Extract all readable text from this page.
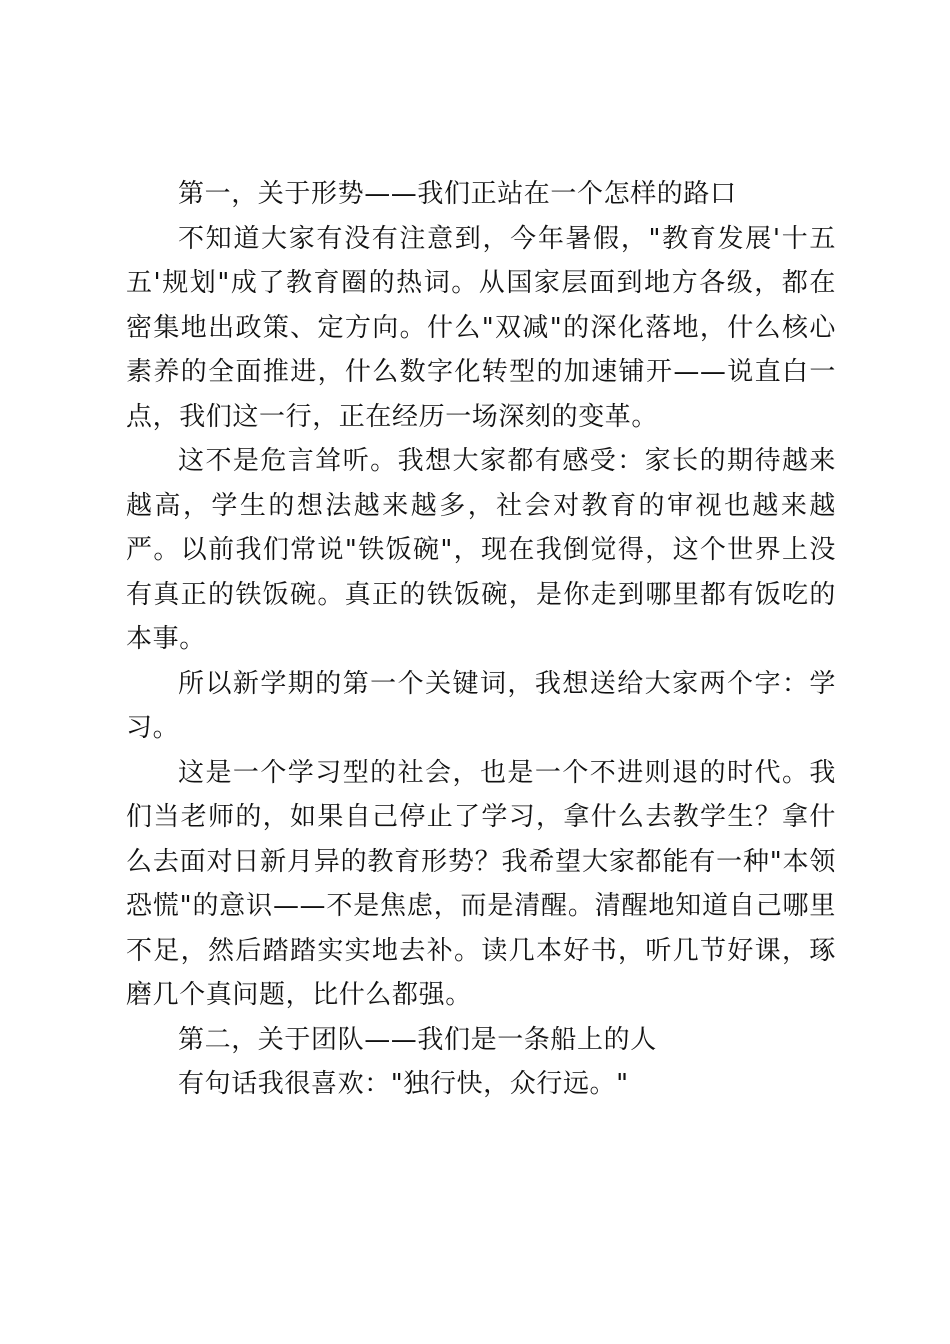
第一，关于形势——我们正站在一个怎样的路口

不知道大家有没有注意到，今年暑假，"教育发展'十五五'规划"成了教育圈的热词。从国家层面到地方各级，都在密集地出政策、定方向。什么"双减"的深化落地，什么核心素养的全面推进，什么数字化转型的加速铺开——说直白一点，我们这一行，正在经历一场深刻的变革。

这不是危言耸听。我想大家都有感受：家长的期待越来越高，学生的想法越来越多，社会对教育的审视也越来越严。以前我们常说"铁饭碗"，现在我倒觉得，这个世界上没有真正的铁饭碗。真正的铁饭碗，是你走到哪里都有饭吃的本事。

所以新学期的第一个关键词，我想送给大家两个字：学习。

这是一个学习型的社会，也是一个不进则退的时代。我们当老师的，如果自己停止了学习，拿什么去教学生？拿什么去面对日新月异的教育形势？我希望大家都能有一种"本领恐慌"的意识——不是焦虑，而是清醒。清醒地知道自己哪里不足，然后踏踏实实地去补。读几本好书，听几节好课，琢磨几个真问题，比什么都强。

第二，关于团队——我们是一条船上的人

有句话我很喜欢："独行快，众行远。"
